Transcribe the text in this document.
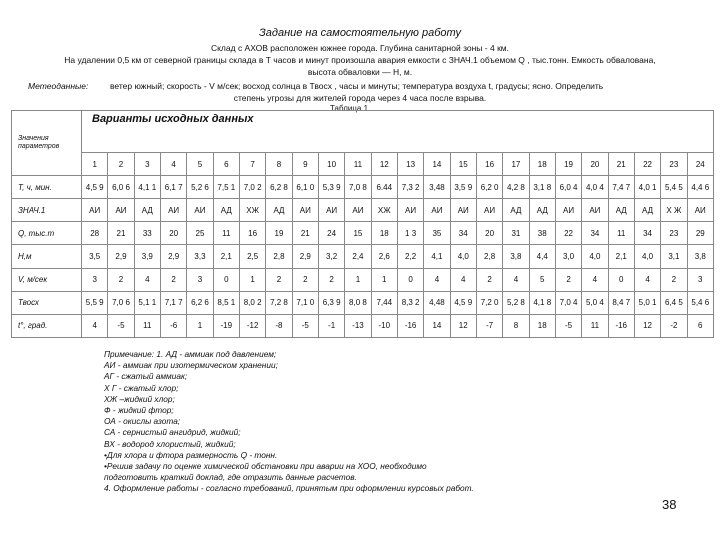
Задание на самостоятельную работу
Склад с АХОВ расположен южнее города. Глубина санитарной зоны - 4 км.
На удалении 0,5 км от северной границы склада в Т часов и минут произошла авария емкости с ЗНАЧ.1 объемом Q , тыс.тонн. Емкость обвалована,
высота обваловки — Н, м.
Метеоданные:	ветер южный; скорость - V м/сек; восход солнца в Твосх , часы и минуты; температура воздуха t, градусы; ясно. Определить
степень угрозы для жителей города через 4 часа после взрыва.
Таблица 1
Значения параметров	Варианты исходных данных																							
	1	2	3	4	5	6	7	8	9	10	11	12	13	14	15	16	17	18	19	20	21	22	23	24
Т, ч, мин.	4,5 9	6,0 6	4,1 1	6,1 7	5,2 6	7,5 1	7,0 2	6,2 8	6,1 0	5,3 9	7,0 8	6.44	7,3 2	3,48	3,5 9	6,2 0	4,2 8	3,1 8	6,0 4	4,0 4	7,4 7	4,0 1	5,4 5	4,4 6
ЗНАЧ.1	АИ	АИ	АД	АИ	АИ	АД	ХЖ	АД	АИ	АИ	АИ	ХЖ	АИ	АИ	АИ	АИ	АД	АД	АИ	АИ	АД	АД	Х Ж	АИ
Q, тыс.т	28	21	33	20	25	11	16	19	21	24	15	18	1 3	35	34	20	31	38	22	34	11	34	23	29
Н,м	3,5	2,9	3,9	2,9	3,3	2,1	2,5	2,8	2,9	3,2	2,4	2,6	2,2	4,1	4,0	2,8	3,8	4,4	3,0	4,0	2,1	4,0	3,1	3,8
V, м/сек	3	2	4	2	3	0	1	2	2	2	1	1	0	4	4	2	4	5	2	4	0	4	2	3
Твосх	5,5 9	7,0 6	5,1 1	7,1 7	6,2 6	8,5 1	8,0 2	7,2 8	7,1 0	6,3 9	8,0 8	7,44	8,3 2	4,48	4,5 9	7,2 0	5,2 8	4,1 8	7,0 4	5,0 4	8,4 7	5,0 1	6,4 5	5,4 6
t°, град.	4	-5	11	-6	1	-19	-12	-8	-5	-1	-13	-10	-16	14	12	-7	8	18	-5	11	-16	12	-2	6
Примечание: 1. АД - аммиак под давлением;
АИ - аммиак при изотермическом хранении;
АГ - сжатый аммиак;
Х Г - сжатый хлор;
ХЖ –жидкий хлор;
Ф - жидкий фтор;
ОА - окислы азота;
СА - сернистый ангидрид, жидкий;
ВХ - водород хлористый, жидкий;
•Для хлора и фтора размерность Q - тонн.
•Решив задачу по оценке химической обстановки при аварии на ХОО, необходимо
подготовить краткий доклад, где отразить данные расчетов.
4. Оформление работы - согласно требований, принятым при оформлении курсовых работ.
38
